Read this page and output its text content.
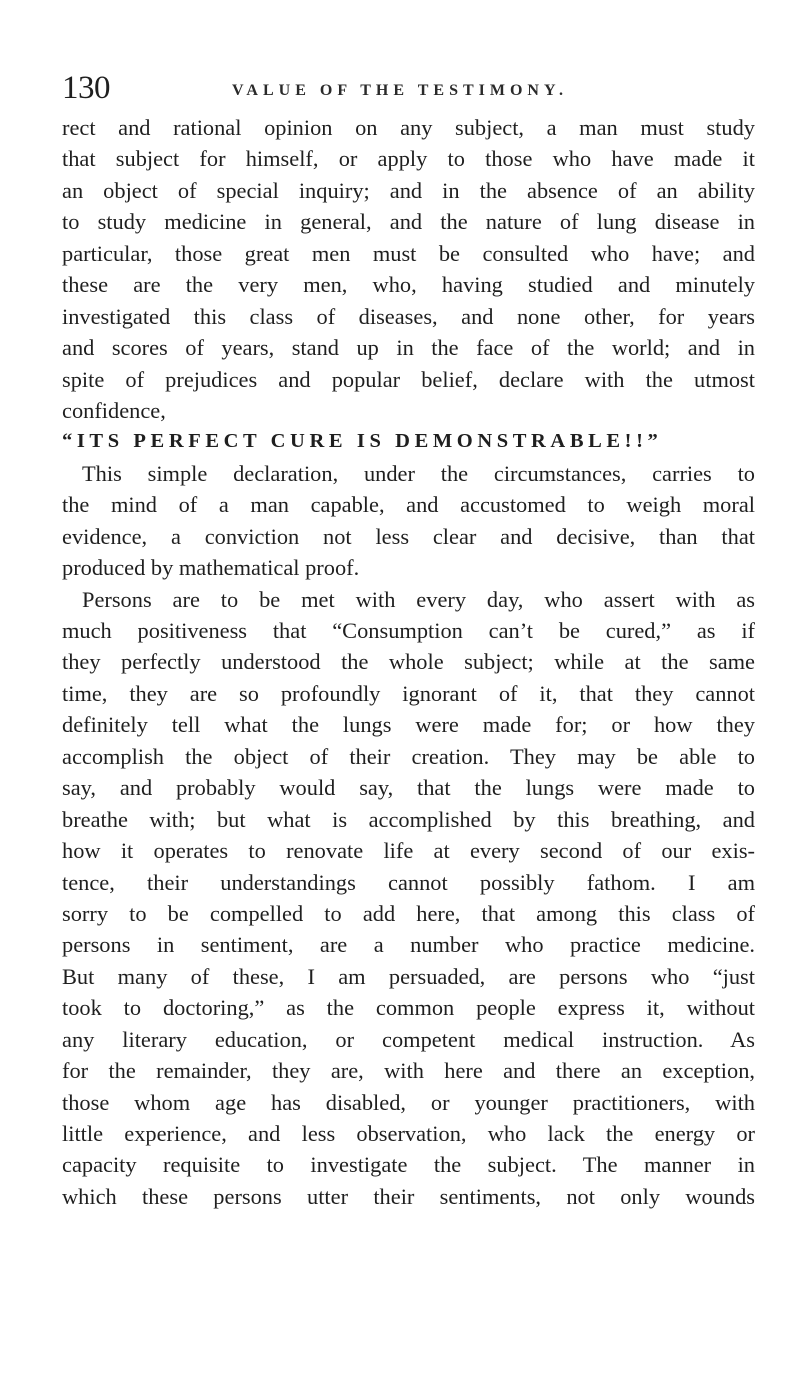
130	VALUE OF THE TESTIMONY.
rect and rational opinion on any subject, a man must study
that subject for himself, or apply to those who have made it
an object of special inquiry; and in the absence of an ability
to study medicine in general, and the nature of lung disease in
particular, those great men must be consulted who have; and
these are the very men, who, having studied and minutely
investigated this class of diseases, and none other, for years
and scores of years, stand up in the face of the world; and in
spite of prejudices and popular belief, declare with the utmost
confidence,
“ITS PERFECT CURE IS DEMONSTRABLE!!”
This simple declaration, under the circumstances, carries to
the mind of a man capable, and accustomed to weigh moral
evidence, a conviction not less clear and decisive, than that
produced by mathematical proof.
Persons are to be met with every day, who assert with as
much positiveness that “Consumption can’t be cured,” as if
they perfectly understood the whole subject; while at the same
time, they are so profoundly ignorant of it, that they cannot
definitely tell what the lungs were made for; or how they
accomplish the object of their creation. They may be able to
say, and probably would say, that the lungs were made to
breathe with; but what is accomplished by this breathing, and
how it operates to renovate life at every second of our exis-
tence, their understandings cannot possibly fathom. I am
sorry to be compelled to add here, that among this class of
persons in sentiment, are a number who practice medicine.
But many of these, I am persuaded, are persons who “just
took to doctoring,” as the common people express it, without
any literary education, or competent medical instruction. As
for the remainder, they are, with here and there an exception,
those whom age has disabled, or younger practitioners, with
little experience, and less observation, who lack the energy or
capacity requisite to investigate the subject. The manner in
which these persons utter their sentiments, not only wounds
